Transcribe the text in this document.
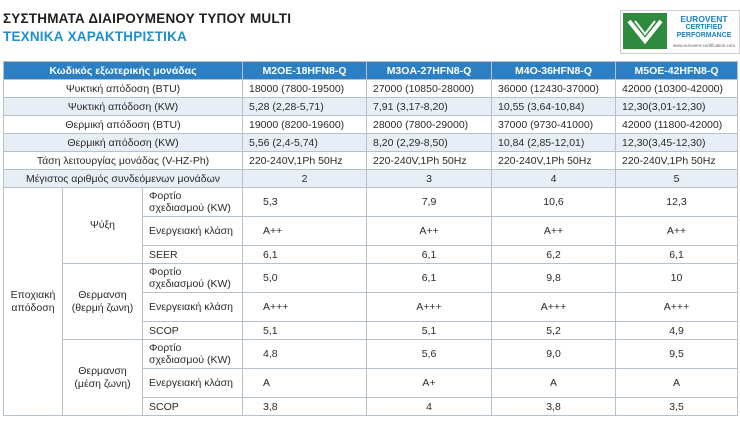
ΣΥΣΤΗΜΑΤΑ ΔΙΑΙΡΟΥΜΕΝΟΥ ΤΥΠΟΥ MULTI
ΤΕΧΝΙΚΑ ΧΑΡΑΚΤΗΡΙΣΤΙΚΑ
EUROVENT
CERTIFIED
PERFORMANCE
www.eurovent-certification.com
Κωδικός εξωτερικής μονάδας			M2OE-18HFN8-Q	M3OA-27HFN8-Q	M4O-36HFN8-Q	M5OE-42HFN8-Q
Ψυκτική απόδοση (BTU)			18000 (7800-19500)	27000 (10850-28000)	36000 (12430-37000)	42000 (10300-42000)
Ψυκτική απόδοση (KW)			5,28 (2,28-5,71)	7,91 (3,17-8,20)	10,55 (3,64-10,84)	12,30(3,01-12,30)
Θερμική απόδοση (BTU)			19000 (8200-19600)	28000 (7800-29000)	37000 (9730-41000)	42000 (11800-42000)
Θερμική απόδοση (KW)			5,56 (2,4-5,74)	8,20 (2,29-8,50)	10,84 (2,85-12,01)	12,30(3,45-12,30)
Τάση λειτουργίας μονάδας (V-HZ-Ph)			220-240V,1Ph 50Hz	220-240V,1Ph 50Hz	220-240V,1Ph 50Hz	220-240V,1Ph 50Hz
Μέγιστος αριθμός συνδεόμενων μονάδων			2	3	4	5
Εποχιακή απόδοση	Ψύξη	Φορτίο σχεδιασμού (KW)	5,3	7,9	10,6	12,3
		Ενεργειακή κλάση	A++	A++	A++	A++
		SEER	6,1	6,1	6,2	6,1
	Θερμανση (θερμή ζωνη)	Φορτίο σχεδιασμού (KW)	5,0	6,1	9,8	10
		Ενεργειακή κλάση	A+++	A+++	A+++	A+++
		SCOP	5,1	5,1	5,2	4,9
	Θερμανση (μέση ζωνη)	Φορτίο σχεδιασμού (KW)	4,8	5,6	9,0	9,5
		Ενεργειακή κλάση	A	A+	A	A
		SCOP	3,8	4	3,8	3,5
